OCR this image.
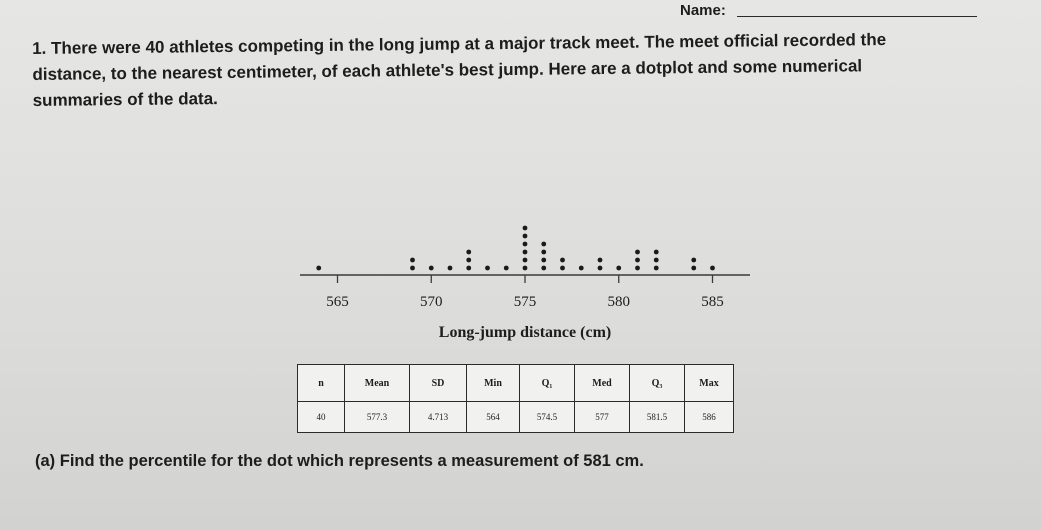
Name:
1. There were 40 athletes competing in the long jump at a major track meet. The meet official recorded the
distance, to the nearest centimeter, of each athlete's best jump. Here are a dotplot and some numerical
summaries of the data.
565	570	575	580	585
Long-jump distance (cm)
n	Mean	SD	Min	Q₁	Med	Q₃	Max
40	577.3	4.713	564	574.5	577	581.5	586
(a) Find the percentile for the dot which represents a measurement of 581 cm.
